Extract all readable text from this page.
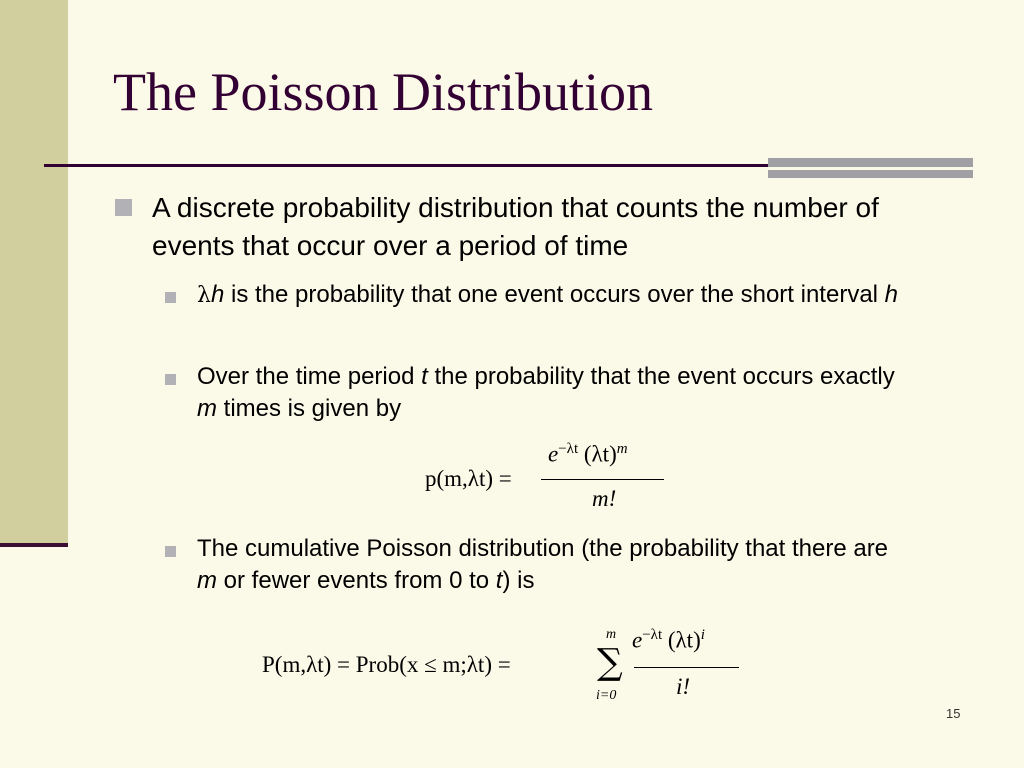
The Poisson Distribution
A discrete probability distribution that counts the number of events that occur over a period of time
λh is the probability that one event occurs over the short interval h
Over the time period t the probability that the event occurs exactly m times is given by
p(m,λt) =
$e^{-\lambda t}$ $(\lambda t)^m$
m!
The cumulative Poisson distribution (the probability that there are m or fewer events from 0 to t) is
P(m,λt) = Prob(x ≤ m;λt) =
m
∑
i=0
$e^{-\lambda t}$ $(\lambda t)^i$
i!
15
